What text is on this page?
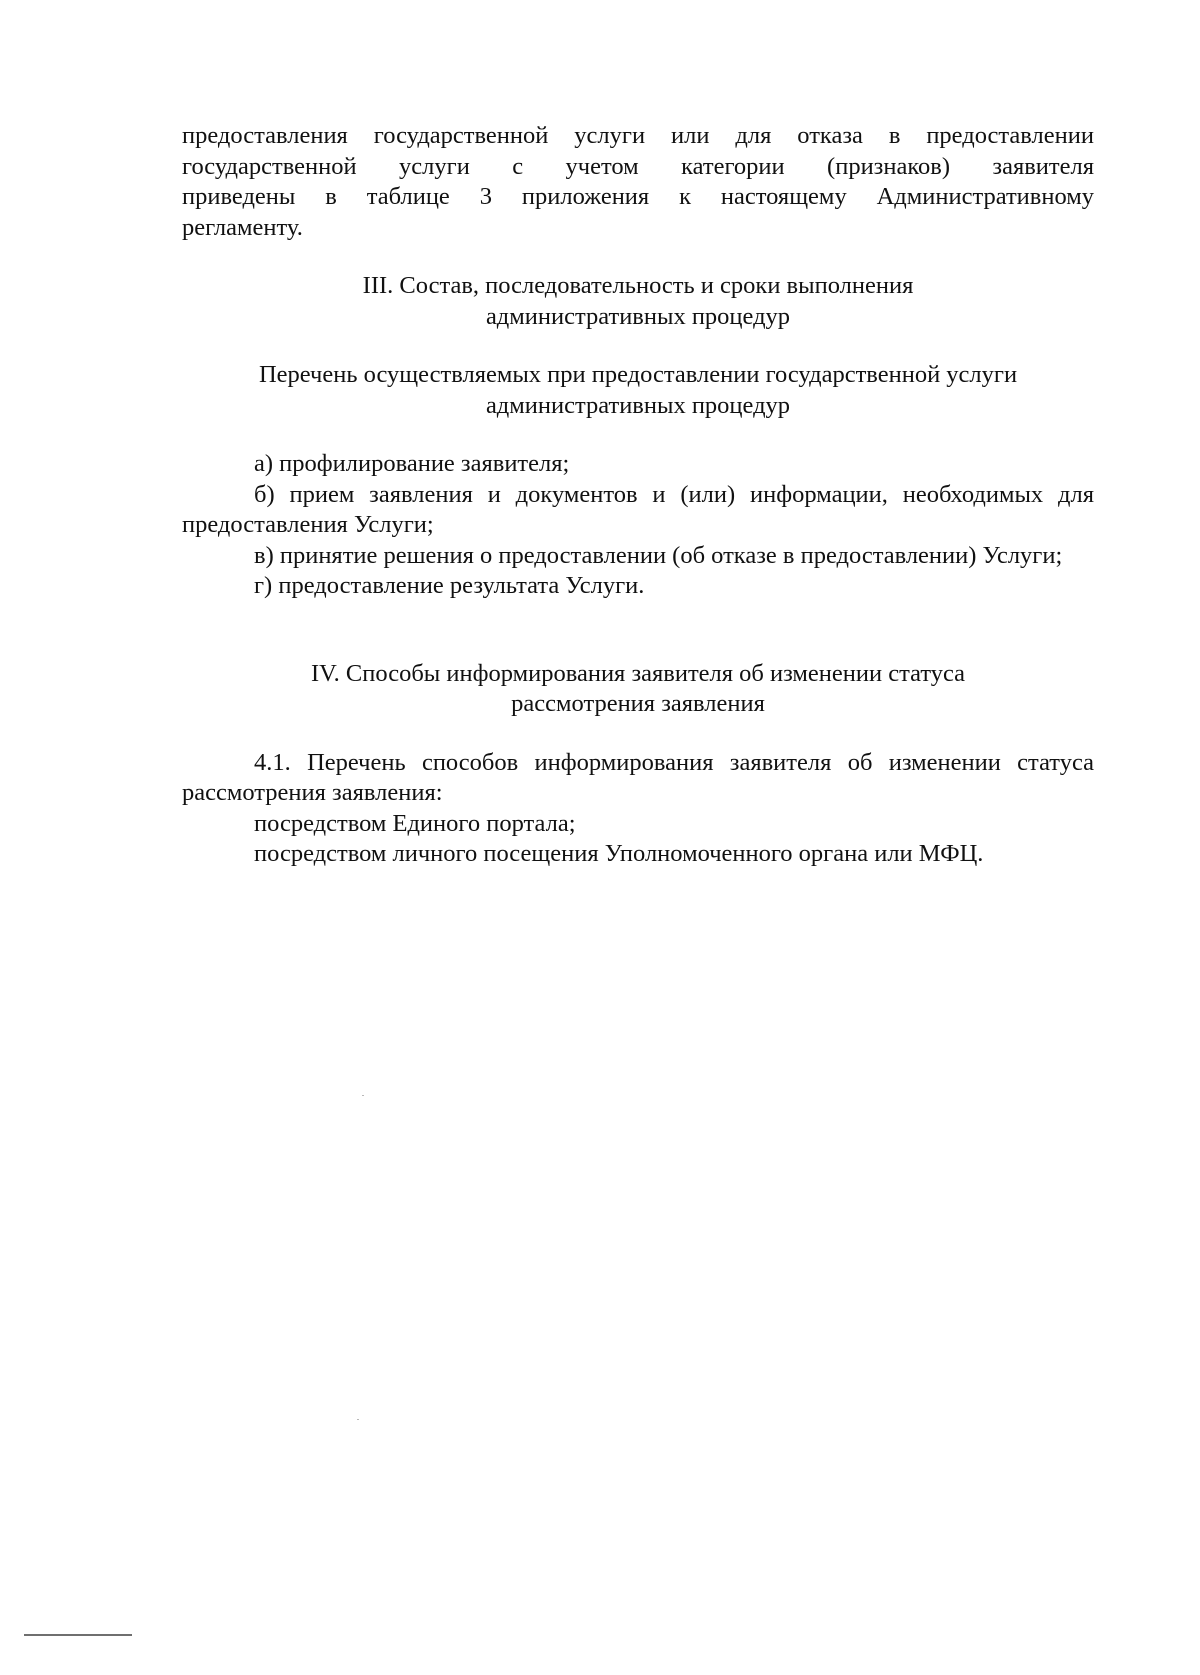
предоставления государственной услуги или для отказа в предоставлении
государственной услуги с учетом категории (признаков) заявителя
приведены в таблице 3 приложения к настоящему Административному
регламенту.
III. Состав, последовательность и сроки выполнения
административных процедур
Перечень осуществляемых при предоставлении государственной услуги
административных процедур

а) профилирование заявителя;

б) прием заявления и документов и (или) информации, необходимых для предоставления Услуги;

в) принятие решения о предоставлении (об отказе в предоставлении) Услуги;

г) предоставление результата Услуги.

IV. Способы информирования заявителя об изменении статуса
рассмотрения заявления

4.1. Перечень способов информирования заявителя об изменении статуса рассмотрения заявления:

посредством Единого портала;

посредством личного посещения Уполномоченного органа или МФЦ.
